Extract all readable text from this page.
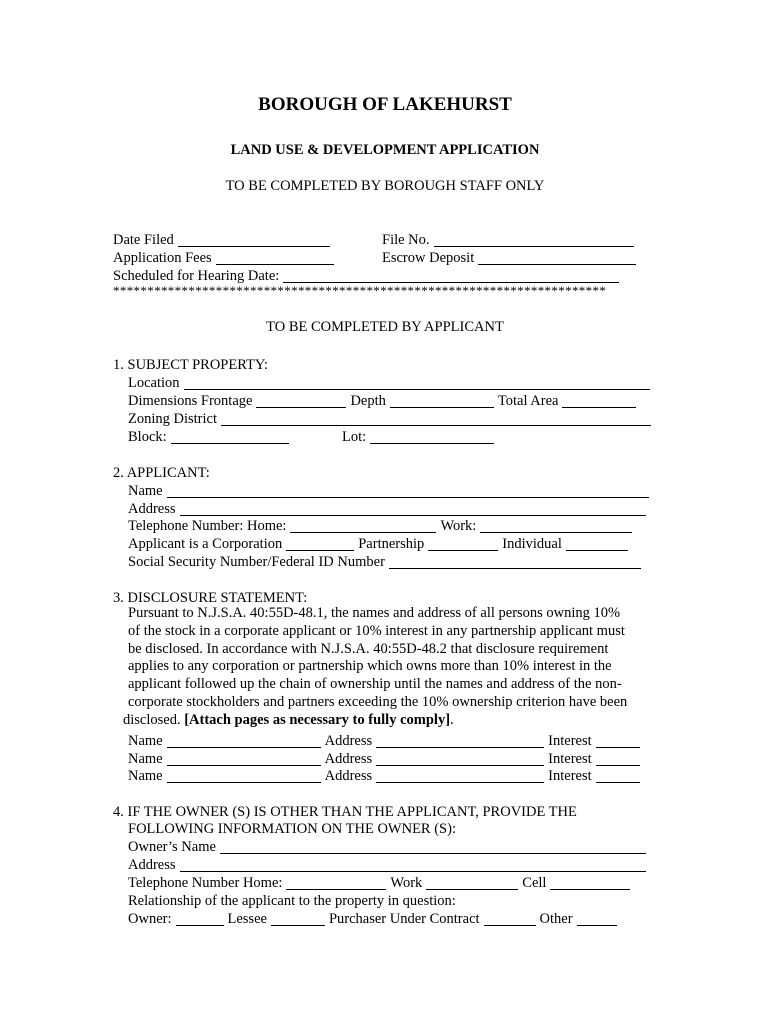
BOROUGH OF LAKEHURST
LAND USE & DEVELOPMENT APPLICATION
TO BE COMPLETED BY BOROUGH STAFF ONLY
Date Filed	File No.
Application Fees	Escrow Deposit
Scheduled for Hearing Date:
************************************************************************
TO BE COMPLETED BY APPLICANT
1. SUBJECT PROPERTY:
Location
Dimensions Frontage	Depth	Total Area
Zoning District
Block:	Lot:
2. APPLICANT:
Name
Address
Telephone Number: Home:	Work:
Applicant is a Corporation	Partnership	Individual
Social Security Number/Federal ID Number
3. DISCLOSURE STATEMENT:
Pursuant to N.J.S.A. 40:55D-48.1, the names and address of all persons owning 10%
of the stock in a corporate applicant or 10% interest in any partnership applicant must
be disclosed. In accordance with N.J.S.A. 40:55D-48.2 that disclosure requirement
applies to any corporation or partnership which owns more than 10% interest in the
applicant followed up the chain of ownership until the names and address of the non-
corporate stockholders and partners exceeding the 10% ownership criterion have been
disclosed. [Attach pages as necessary to fully comply].
Name	Address	Interest
Name	Address	Interest
Name	Address	Interest
4. IF THE OWNER (S) IS OTHER THAN THE APPLICANT, PROVIDE THE
FOLLOWING INFORMATION ON THE OWNER (S):
Owner’s Name
Address
Telephone Number Home:	Work	Cell
Relationship of the applicant to the property in question:
Owner:	Lessee	Purchaser Under Contract	Other
